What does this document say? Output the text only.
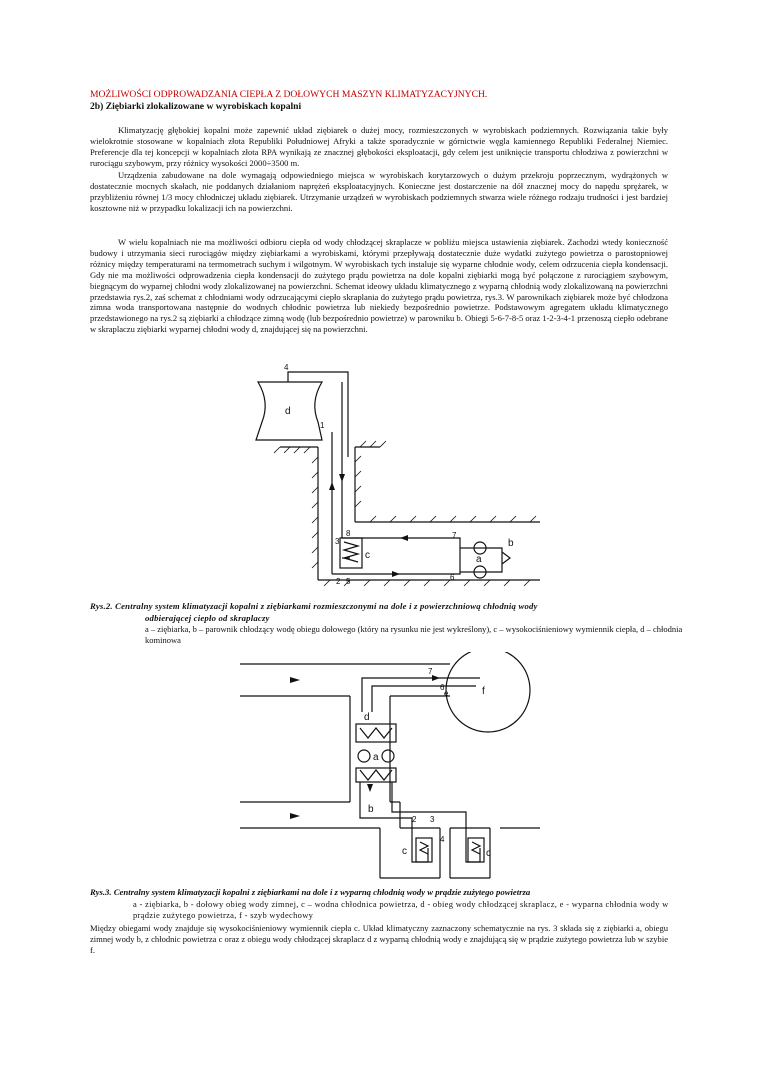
MOŻLIWOŚCI ODPROWADZANIA CIEPŁA Z DOŁOWYCH MASZYN KLIMATYZACYJNYCH.
2b) Ziębiarki zlokalizowane w wyrobiskach kopalni

Klimatyzację głębokiej kopalni może zapewnić układ ziębiarek o dużej mocy, rozmieszczonych w wyrobiskach podziemnych. Rozwiązania takie były wielokrotnie stosowane w kopalniach złota Republiki Południowej Afryki a także sporadycznie w górnictwie węgla kamiennego Republiki Federalnej Niemiec. Preferencje dla tej koncepcji w kopalniach złota RPA wynikają ze znacznej głębokości eksploatacji, gdy celem jest uniknięcie transportu chłodziwa z powierzchni w rurociągu szybowym, przy różnicy wysokości 2000÷3500 m.

Urządzenia zabudowane na dole wymagają odpowiedniego miejsca w wyrobiskach korytarzowych o dużym przekroju poprzecznym, wydrążonych w dostatecznie mocnych skałach, nie poddanych działaniom naprężeń eksploatacyjnych. Konieczne jest dostarczenie na dół znacznej mocy do napędu sprężarek, w przybliżeniu równej 1/3 mocy chłodniczej układu ziębiarek. Utrzymanie urządzeń w wyrobiskach podziemnych stwarza wiele różnego rodzaju trudności i jest bardziej kosztowne niż w przypadku lokalizacji ich na powierzchni.

W wielu kopalniach nie ma możliwości odbioru ciepła od wody chłodzącej skraplacze w pobliżu miejsca ustawienia ziębiarek. Zachodzi wtedy konieczność budowy i utrzymania sieci rurociągów między ziębiarkami a wyrobiskami, którymi przepływają dostatecznie duże wydatki zużytego powietrza o parostopniowej różnicy między temperaturami na termometrach suchym i wilgotnym. W wyrobiskach tych instaluje się wyparne chłodnie wody, celem odrzucenia ciepła kondensacji. Gdy nie ma możliwości odprowadzenia ciepła kondensacji do zużytego prądu powietrza na dole kopalni ziębiarki mogą być połączone z rurociągiem szybowym, biegnącym do wyparnej chłodni wody zlokalizowanej na powierzchni. Schemat ideowy układu klimatycznego z wyparną chłodnią wody zlokalizowaną na powierzchni przedstawia rys.2, zaś schemat z chłodniami wody odrzucającymi ciepło skraplania do zużytego prądu powietrza, rys.3. W parownikach ziębiarek może być chłodzona zimna woda transportowana następnie do wodnych chłodnic powietrza lub niekiedy bezpośrednio powietrze. Podstawowym agregatem układu klimatycznego przedstawionego na rys.2 są ziębiarki a chłodzące zimną wodę (lub bezpośrednio powietrze) w parowniku b. Obiegi 5-6-7-8-5 oraz 1-2-3-4-1 przenoszą ciepło odebrane w skraplaczu ziębiarki wyparnej chłodni wody d, znajdującej się na powierzchni.

d
4
1
2
3
5	6
7
8
a
b
c
Rys.2. Centralny system klimatyzacji kopalni z ziębiarkami rozmieszczonymi na dole i z powierzchniową chłodnią wody
odbierającej ciepło od skraplaczy
a – ziębiarka, b – parownik chłodzący wodę obiegu dołowego (który na rysunku nie jest wykreślony), c – wysokociśnieniowy wymiennik ciepła, d – chłodnia kominowa
f
e
7
6
d
a
b
c	c
2 3
4
Rys.3. Centralny system klimatyzacji kopalni z ziębiarkami na dole i z wyparną chłodnią wody w prądzie zużytego powietrza
a - ziębiarka, b - dołowy obieg wody zimnej, c – wodna chłodnica powietrza, d - obieg wody chłodzącej skraplacz, e - wyparna chłodnia wody w prądzie zużytego powietrza, f - szyb wydechowy

Między obiegami wody znajduje się wysokociśnieniowy wymiennik ciepła c. Układ klimatyczny zaznaczony schematycznie na rys. 3 składa się z ziębiarki a, obiegu zimnej wody b, z chłodnic powietrza c oraz z obiegu wody chłodzącej skraplacz d z wyparną chłodnią wody e znajdującą się w prądzie zużytego powietrza lub w szybie f.
